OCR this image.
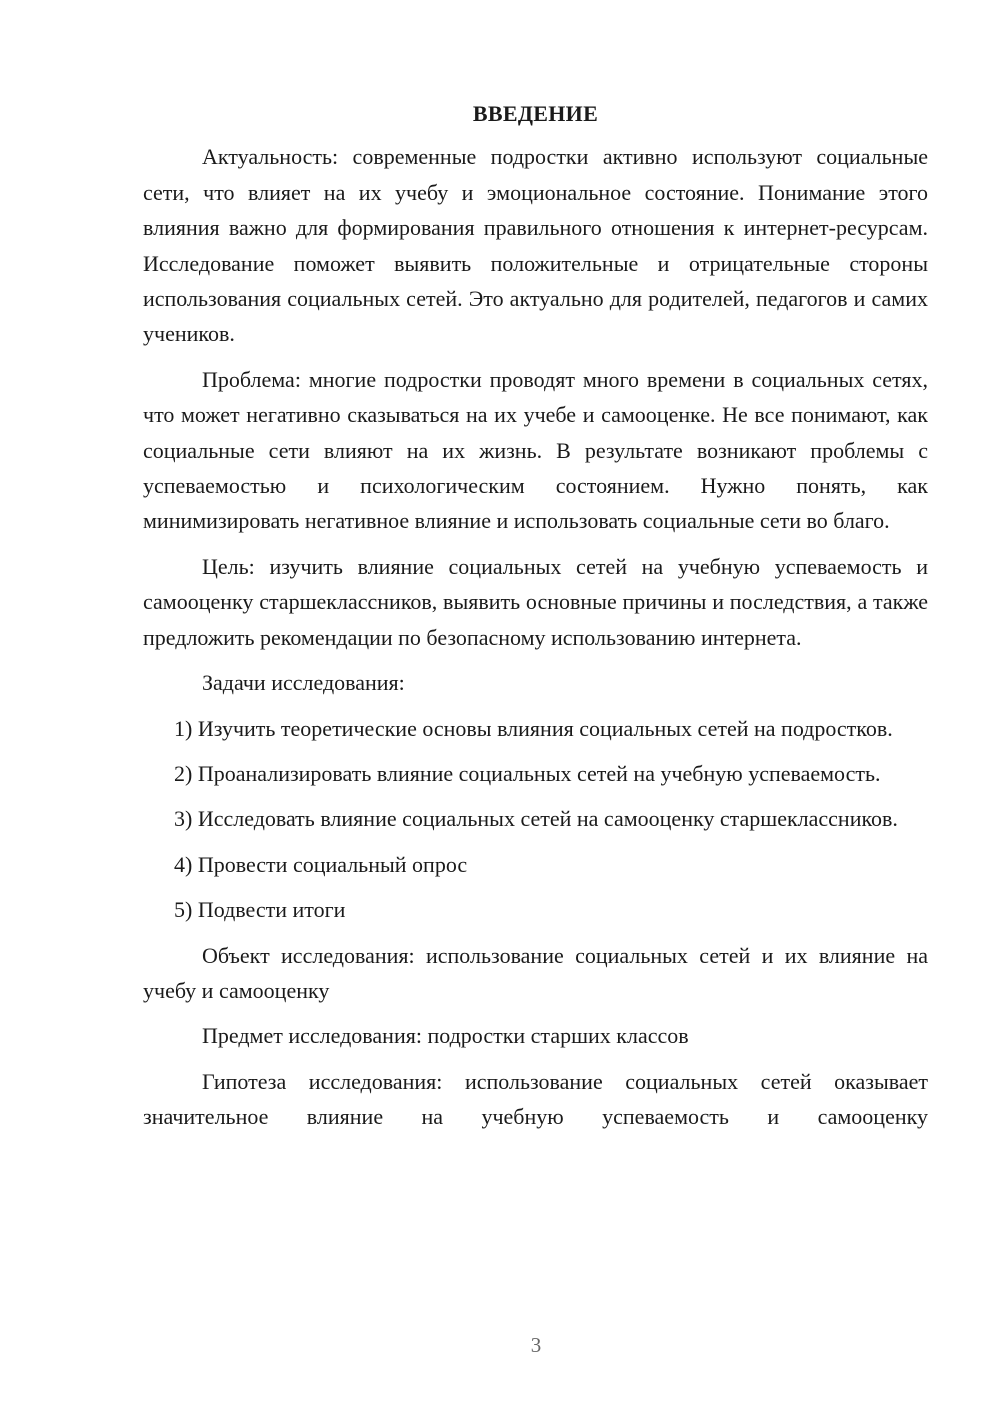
ВВЕДЕНИЕ

Актуальность: современные подростки активно используют социальные сети, что влияет на их учебу и эмоциональное состояние. Понимание этого влияния важно для формирования правильного отношения к интернет-ресурсам. Исследование поможет выявить положительные и отрицательные стороны использования социальных сетей. Это актуально для родителей, педагогов и самих учеников.

Проблема: многие подростки проводят много времени в социальных сетях, что может негативно сказываться на их учебе и самооценке. Не все понимают, как социальные сети влияют на их жизнь. В результате возникают проблемы с успеваемостью и психологическим состоянием. Нужно понять, как минимизировать негативное влияние и использовать социальные сети во благо.

Цель: изучить влияние социальных сетей на учебную успеваемость и самооценку старшеклассников, выявить основные причины и последствия, а также предложить рекомендации по безопасному использованию интернета.

Задачи исследования:

1) Изучить теоретические основы влияния социальных сетей на подростков.

2) Проанализировать влияние социальных сетей на учебную успеваемость.

3) Исследовать влияние социальных сетей на самооценку старшеклассников.

4) Провести социальный опрос

5) Подвести итоги

Объект исследования: использование социальных сетей и их влияние на учебу и самооценку

Предмет исследования: подростки старших классов

Гипотеза исследования: использование социальных сетей оказывает значительное влияние на учебную успеваемость и самооценку

3
